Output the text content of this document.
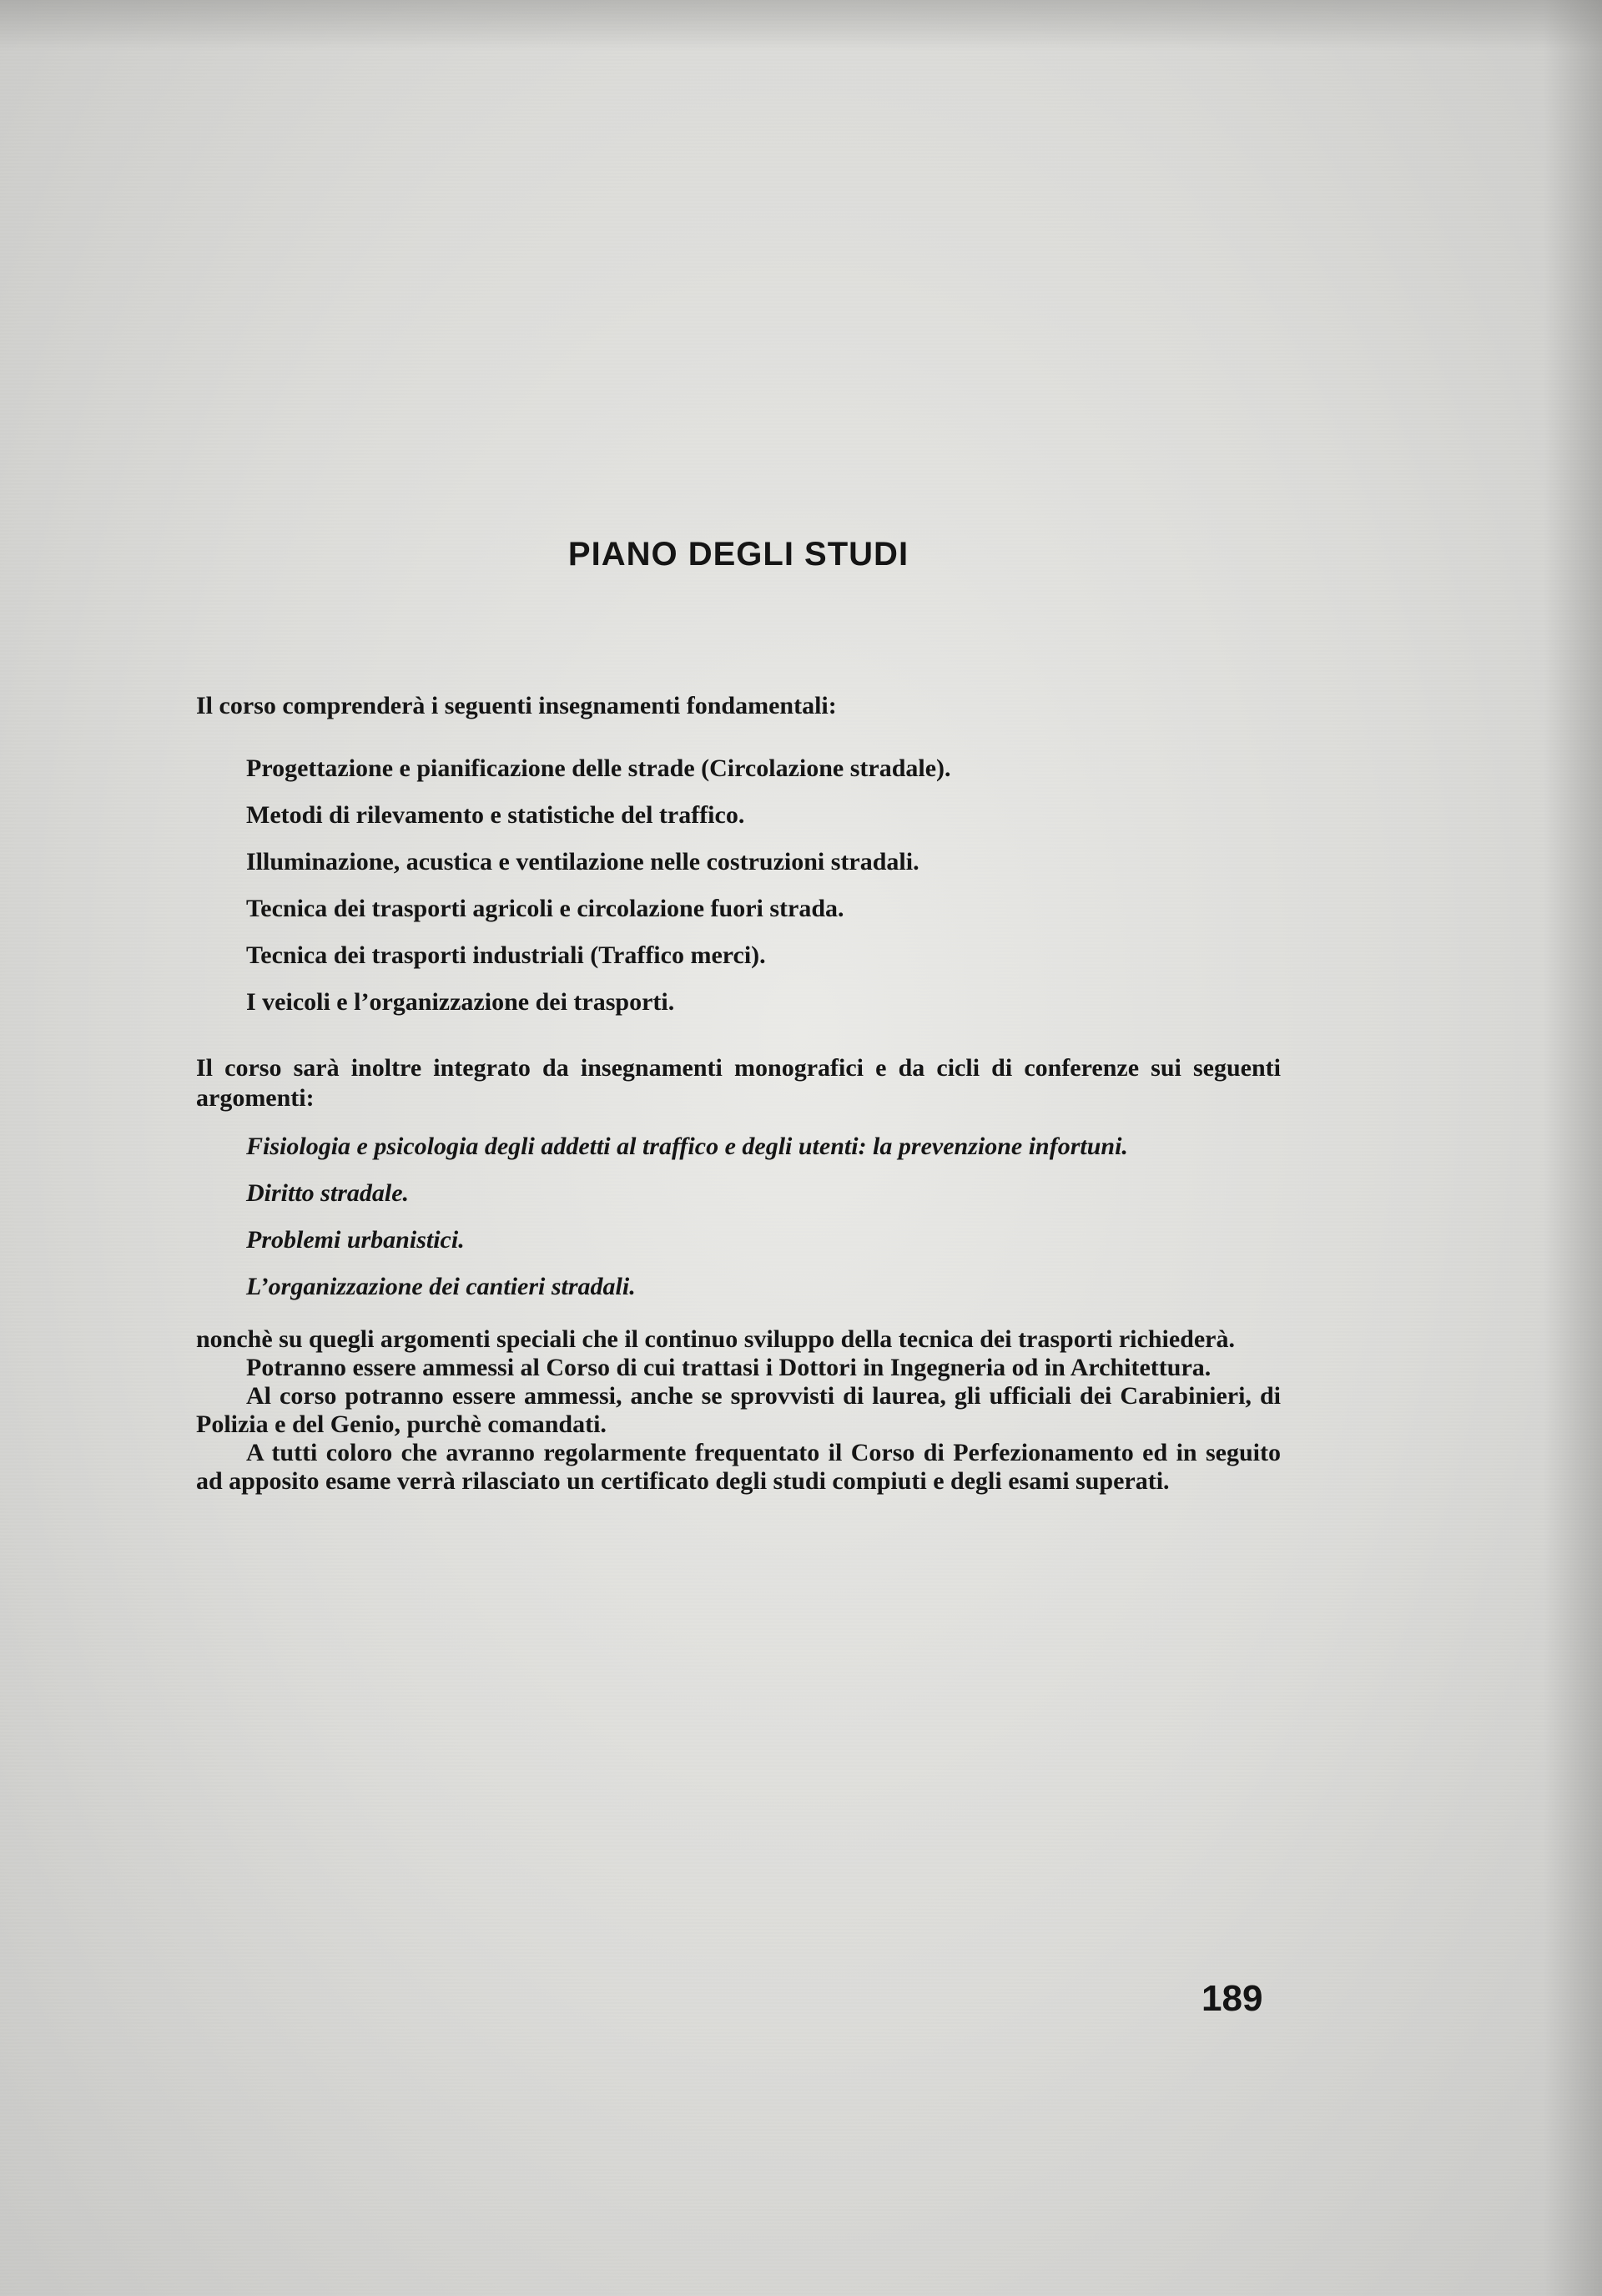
PIANO DEGLI STUDI

Il corso comprenderà i seguenti insegnamenti fondamentali:

Progettazione e pianificazione delle strade (Circolazione stradale).
Metodi di rilevamento e statistiche del traffico.
Illuminazione, acustica e ventilazione nelle costruzioni stradali.
Tecnica dei trasporti agricoli e circolazione fuori strada.
Tecnica dei trasporti industriali (Traffico merci).
I veicoli e l’organizzazione dei trasporti.

Il corso sarà inoltre integrato da insegnamenti monografici e da cicli di conferenze sui seguenti argomenti:

Fisiologia e psicologia degli addetti al traffico e degli utenti: la prevenzione infortuni.
Diritto stradale.
Problemi urbanistici.
L’organizzazione dei cantieri stradali.

nonchè su quegli argomenti speciali che il continuo sviluppo della tecnica dei trasporti richiederà.

Potranno essere ammessi al Corso di cui trattasi i Dottori in Ingegneria od in Architettura.

Al corso potranno essere ammessi, anche se sprovvisti di laurea, gli ufficiali dei Carabinieri, di Polizia e del Genio, purchè comandati.

A tutti coloro che avranno regolarmente frequentato il Corso di Perfezionamento ed in seguito ad apposito esame verrà rilasciato un certificato degli studi compiuti e degli esami superati.

189
